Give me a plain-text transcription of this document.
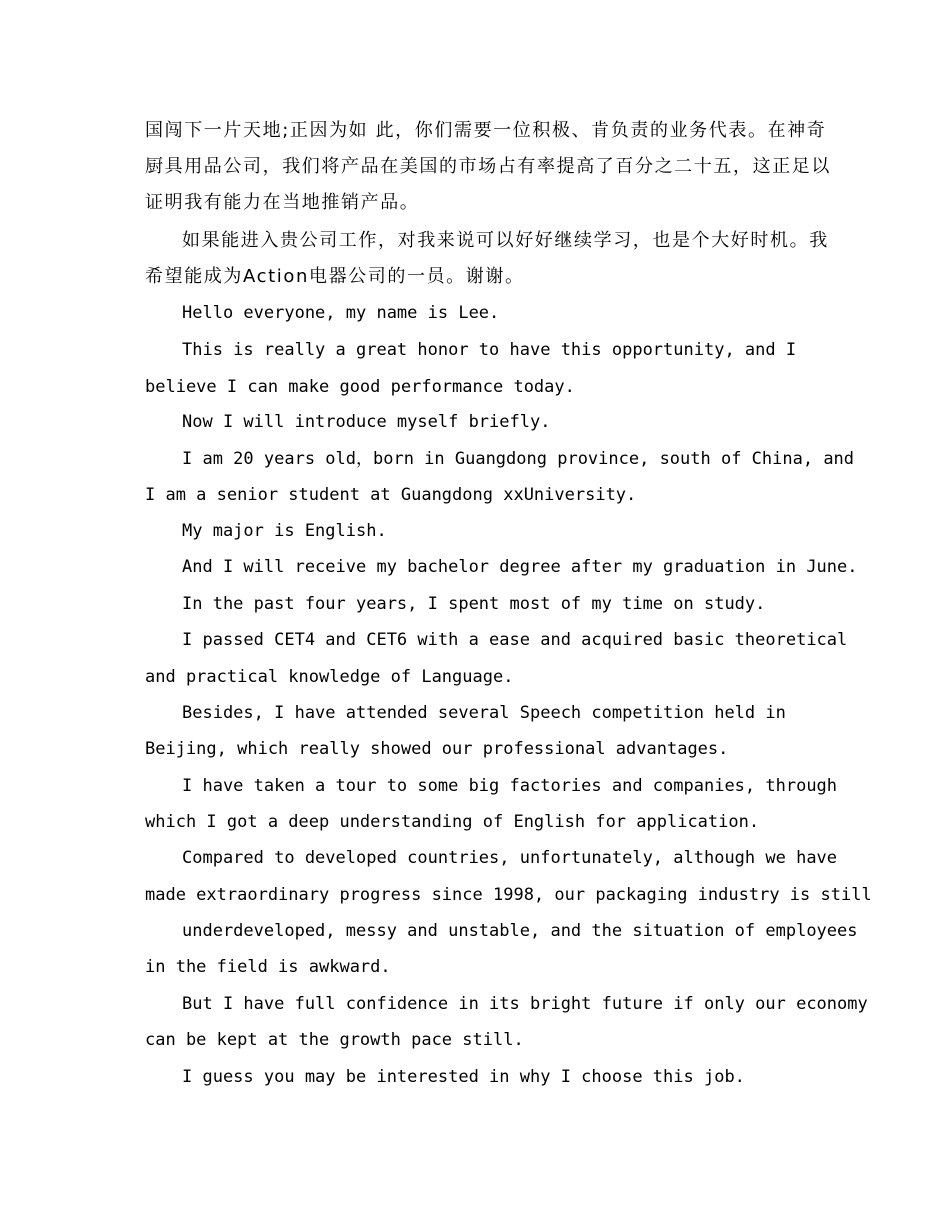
国闯下一片天地;正因为如 此，你们需要一位积极、肯负责的业务代表。在神奇
厨具用品公司，我们将产品在美国的市场占有率提高了百分之二十五，这正足以
证明我有能力在当地推销产品。
如果能进入贵公司工作，对我来说可以好好继续学习，也是个大好时机。我
希望能成为Action电器公司的一员。谢谢。
Hello everyone, my name is Lee.
This is really a great honor to have this opportunity, and I
believe I can make good performance today.
Now I will introduce myself briefly.
I am 20 years old，born in Guangdong province, south of China, and
I am a senior student at Guangdong xxUniversity.
My major is English.
And I will receive my bachelor degree after my graduation in June.
In the past four years, I spent most of my time on study.
I passed CET4 and CET6 with a ease and acquired basic theoretical
and practical knowledge of Language.
Besides, I have attended several Speech competition held in
Beijing, which really showed our professional advantages.
I have taken a tour to some big factories and companies, through
which I got a deep understanding of English for application.
Compared to developed countries, unfortunately, although we have
made extraordinary progress since 1998, our packaging industry is still
underdeveloped, messy and unstable, and the situation of employees
in the field is awkward.
But I have full confidence in its bright future if only our economy
can be kept at the growth pace still.
I guess you may be interested in why I choose this job.
